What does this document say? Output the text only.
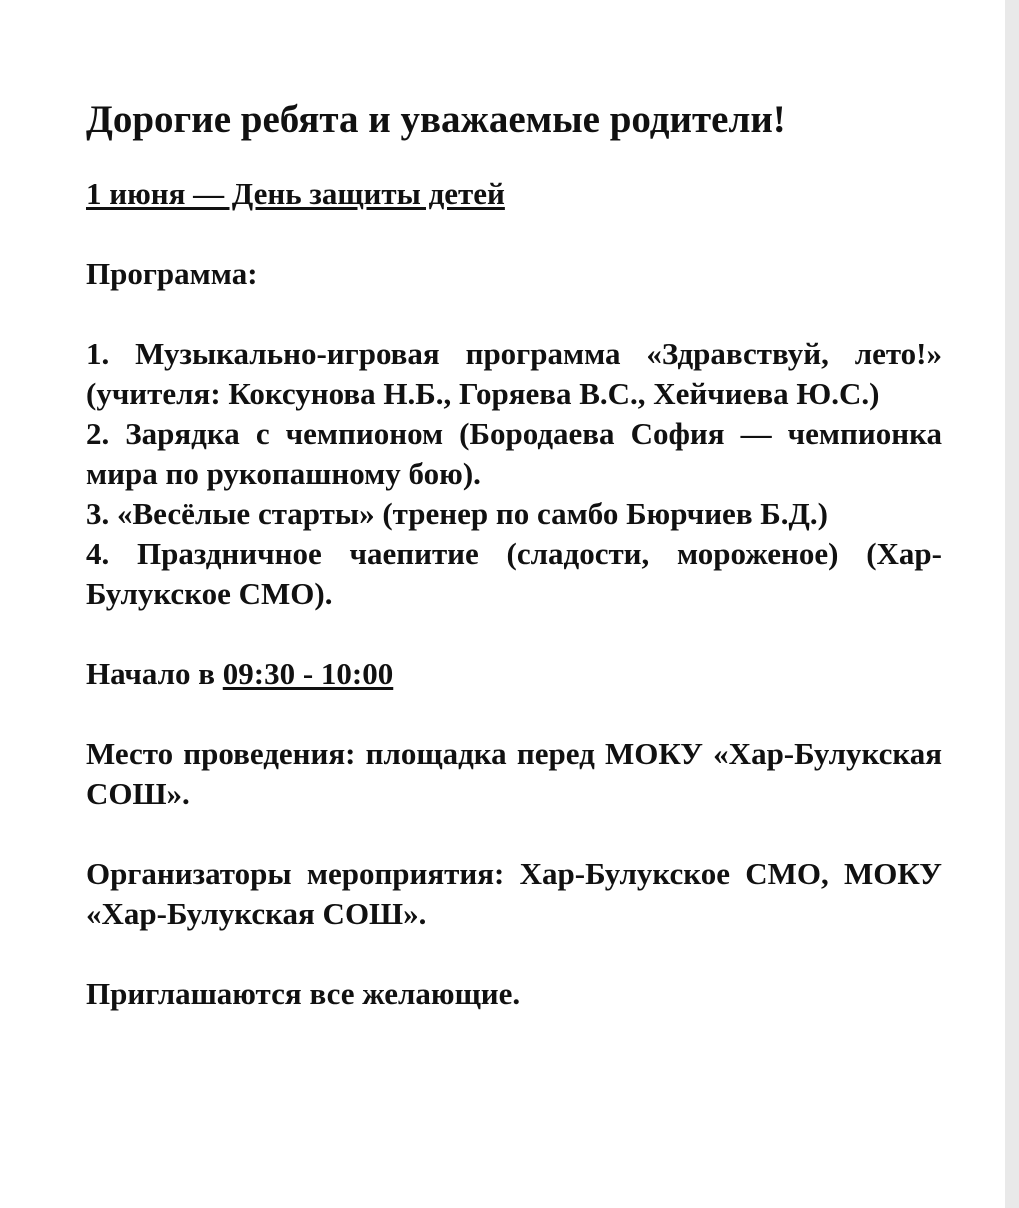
Дорогие ребята и уважаемые родители!

1 июня — День защиты детей

Программа:

1. Музыкально-игровая программа «Здравствуй, лето!» (учителя: Коксунова Н.Б., Горяева В.С., Хейчиева Ю.С.)
2. Зарядка с чемпионом (Бородаева София — чемпионка мира по рукопашному бою).
3. «Весёлые старты» (тренер по самбо Бюрчиев Б.Д.)
4. Праздничное чаепитие (сладости, мороженое) (Хар-Булукское СМО).

Начало в 09:30 - 10:00

Место проведения: площадка перед МОКУ «Хар-Булукская СОШ».

Организаторы мероприятия: Хар-Булукское СМО, МОКУ «Хар-Булукская СОШ».

Приглашаются все желающие.
